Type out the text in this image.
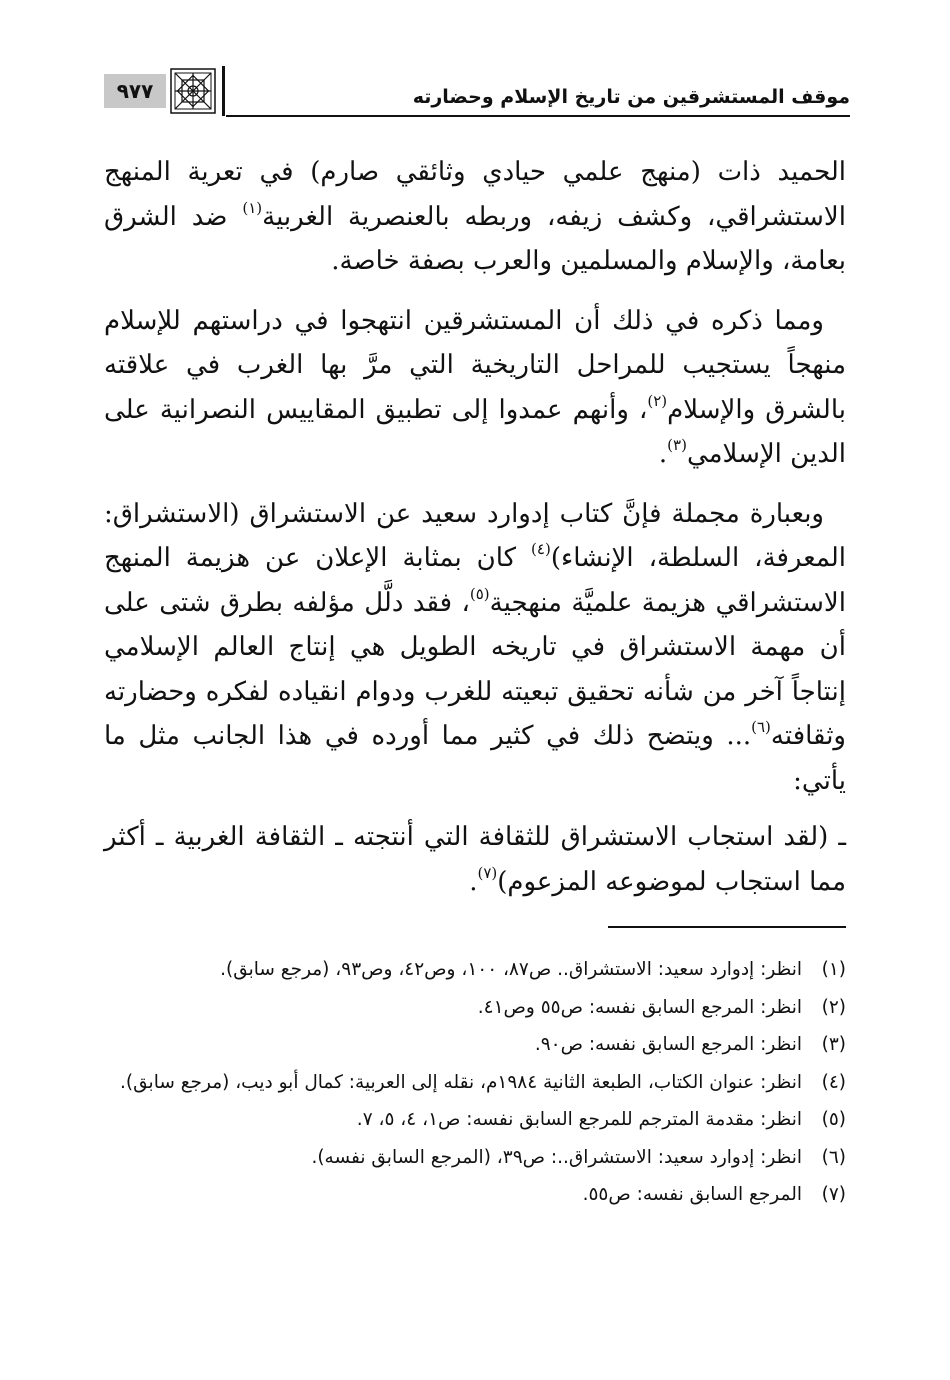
موقف المستشرقين من تاريخ الإسلام وحضارته
٩٧٧

الحميد ذات (منهج علمي حيادي وثائقي صارم) في تعرية المنهج الاستشراقي، وكشف زيفه، وربطه بالعنصرية الغربية$^{(١)}$ ضد الشرق بعامة، والإسلام والمسلمين والعرب بصفة خاصة.

ومما ذكره في ذلك أن المستشرقين انتهجوا في دراستهم للإسلام منهجاً يستجيب للمراحل التاريخية التي مرَّ بها الغرب في علاقته بالشرق والإسلام$^{(٢)}$، وأنهم عمدوا إلى تطبيق المقاييس النصرانية على الدين الإسلامي$^{(٣)}$.

وبعبارة مجملة فإنَّ كتاب إدوارد سعيد عن الاستشراق (الاستشراق: المعرفة، السلطة، الإنشاء)$^{(٤)}$ كان بمثابة الإعلان عن هزيمة المنهج الاستشراقي هزيمة علميَّة منهجية$^{(٥)}$، فقد دلَّل مؤلفه بطرق شتى على أن مهمة الاستشراق في تاريخه الطويل هي إنتاج العالم الإسلامي إنتاجاً آخر من شأنه تحقيق تبعيته للغرب ودوام انقياده لفكره وحضارته وثقافته$^{(٦)}$... ويتضح ذلك في كثير مما أورده في هذا الجانب مثل ما يأتي:

ـ (لقد استجاب الاستشراق للثقافة التي أنتجته ـ الثقافة الغربية ـ أكثر مما استجاب لموضوعه المزعوم)$^{(٧)}$.

(١)
انظر: إدوارد سعيد: الاستشراق.. ص٨٧، ١٠٠، وص٤٢، وص٩٣، (مرجع سابق).
(٢)
انظر: المرجع السابق نفسه: ص٥٥ وص٤١.
(٣)
انظر: المرجع السابق نفسه: ص٩٠.
(٤)
انظر: عنوان الكتاب، الطبعة الثانية ١٩٨٤م، نقله إلى العربية: كمال أبو ديب، (مرجع سابق).
(٥)
انظر: مقدمة المترجم للمرجع السابق نفسه: ص١، ٤، ٥، ٧.
(٦)
انظر: إدوارد سعيد: الاستشراق..: ص٣٩، (المرجع السابق نفسه).
(٧)
المرجع السابق نفسه: ص٥٥.
